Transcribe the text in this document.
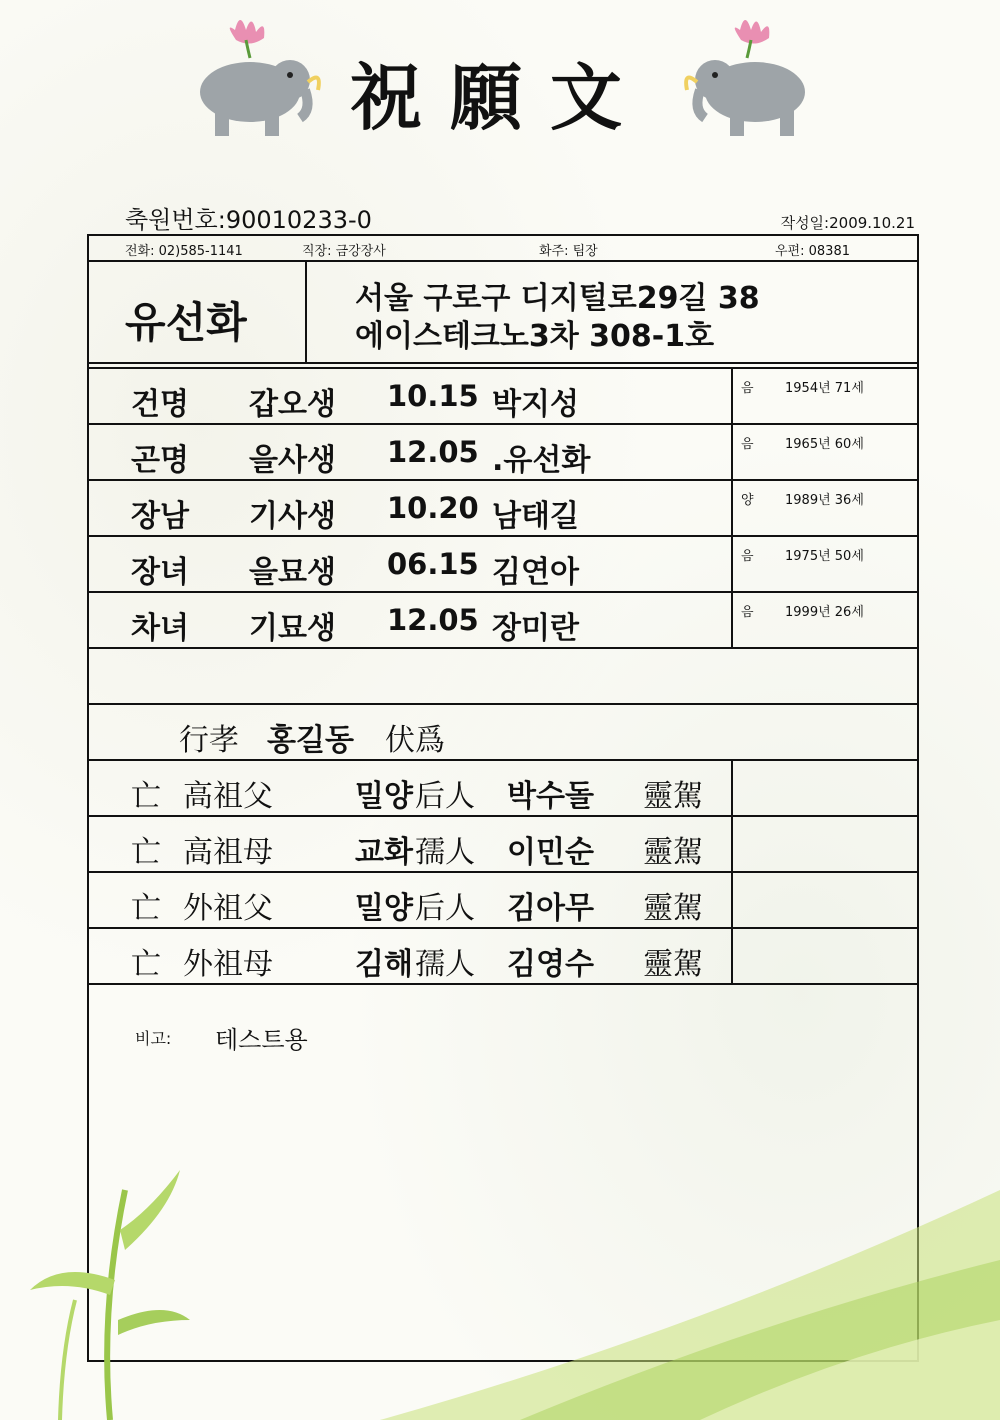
祝願文
축원번호:90010233-0	작성일:2009.10.21
전화: 02)585-1141	직장: 금강장사	화주: 팀장	우편: 08381
유선화	서울 구로구 디지털로29길 38
에이스테크노3차 308-1호
건명 갑오생 10.15 박지성	음 1954년 71세
곤명 을사생 12.05 .유선화	음 1965년 60세
장남 기사생 10.20 남태길	양 1989년 36세
장녀 을묘생 06.15 김연아	음 1975년 50세
차녀 기묘생 12.05 장미란	음 1999년 26세
行孝 홍길동 伏爲
亡 高祖父	밀양 后人 박수돌 靈駕
亡 高祖母	교화 孺人 이민순 靈駕
亡 外祖父	밀양 后人 김아무 靈駕
亡 外祖母	김해 孺人 김영수 靈駕
비고: 테스트용
